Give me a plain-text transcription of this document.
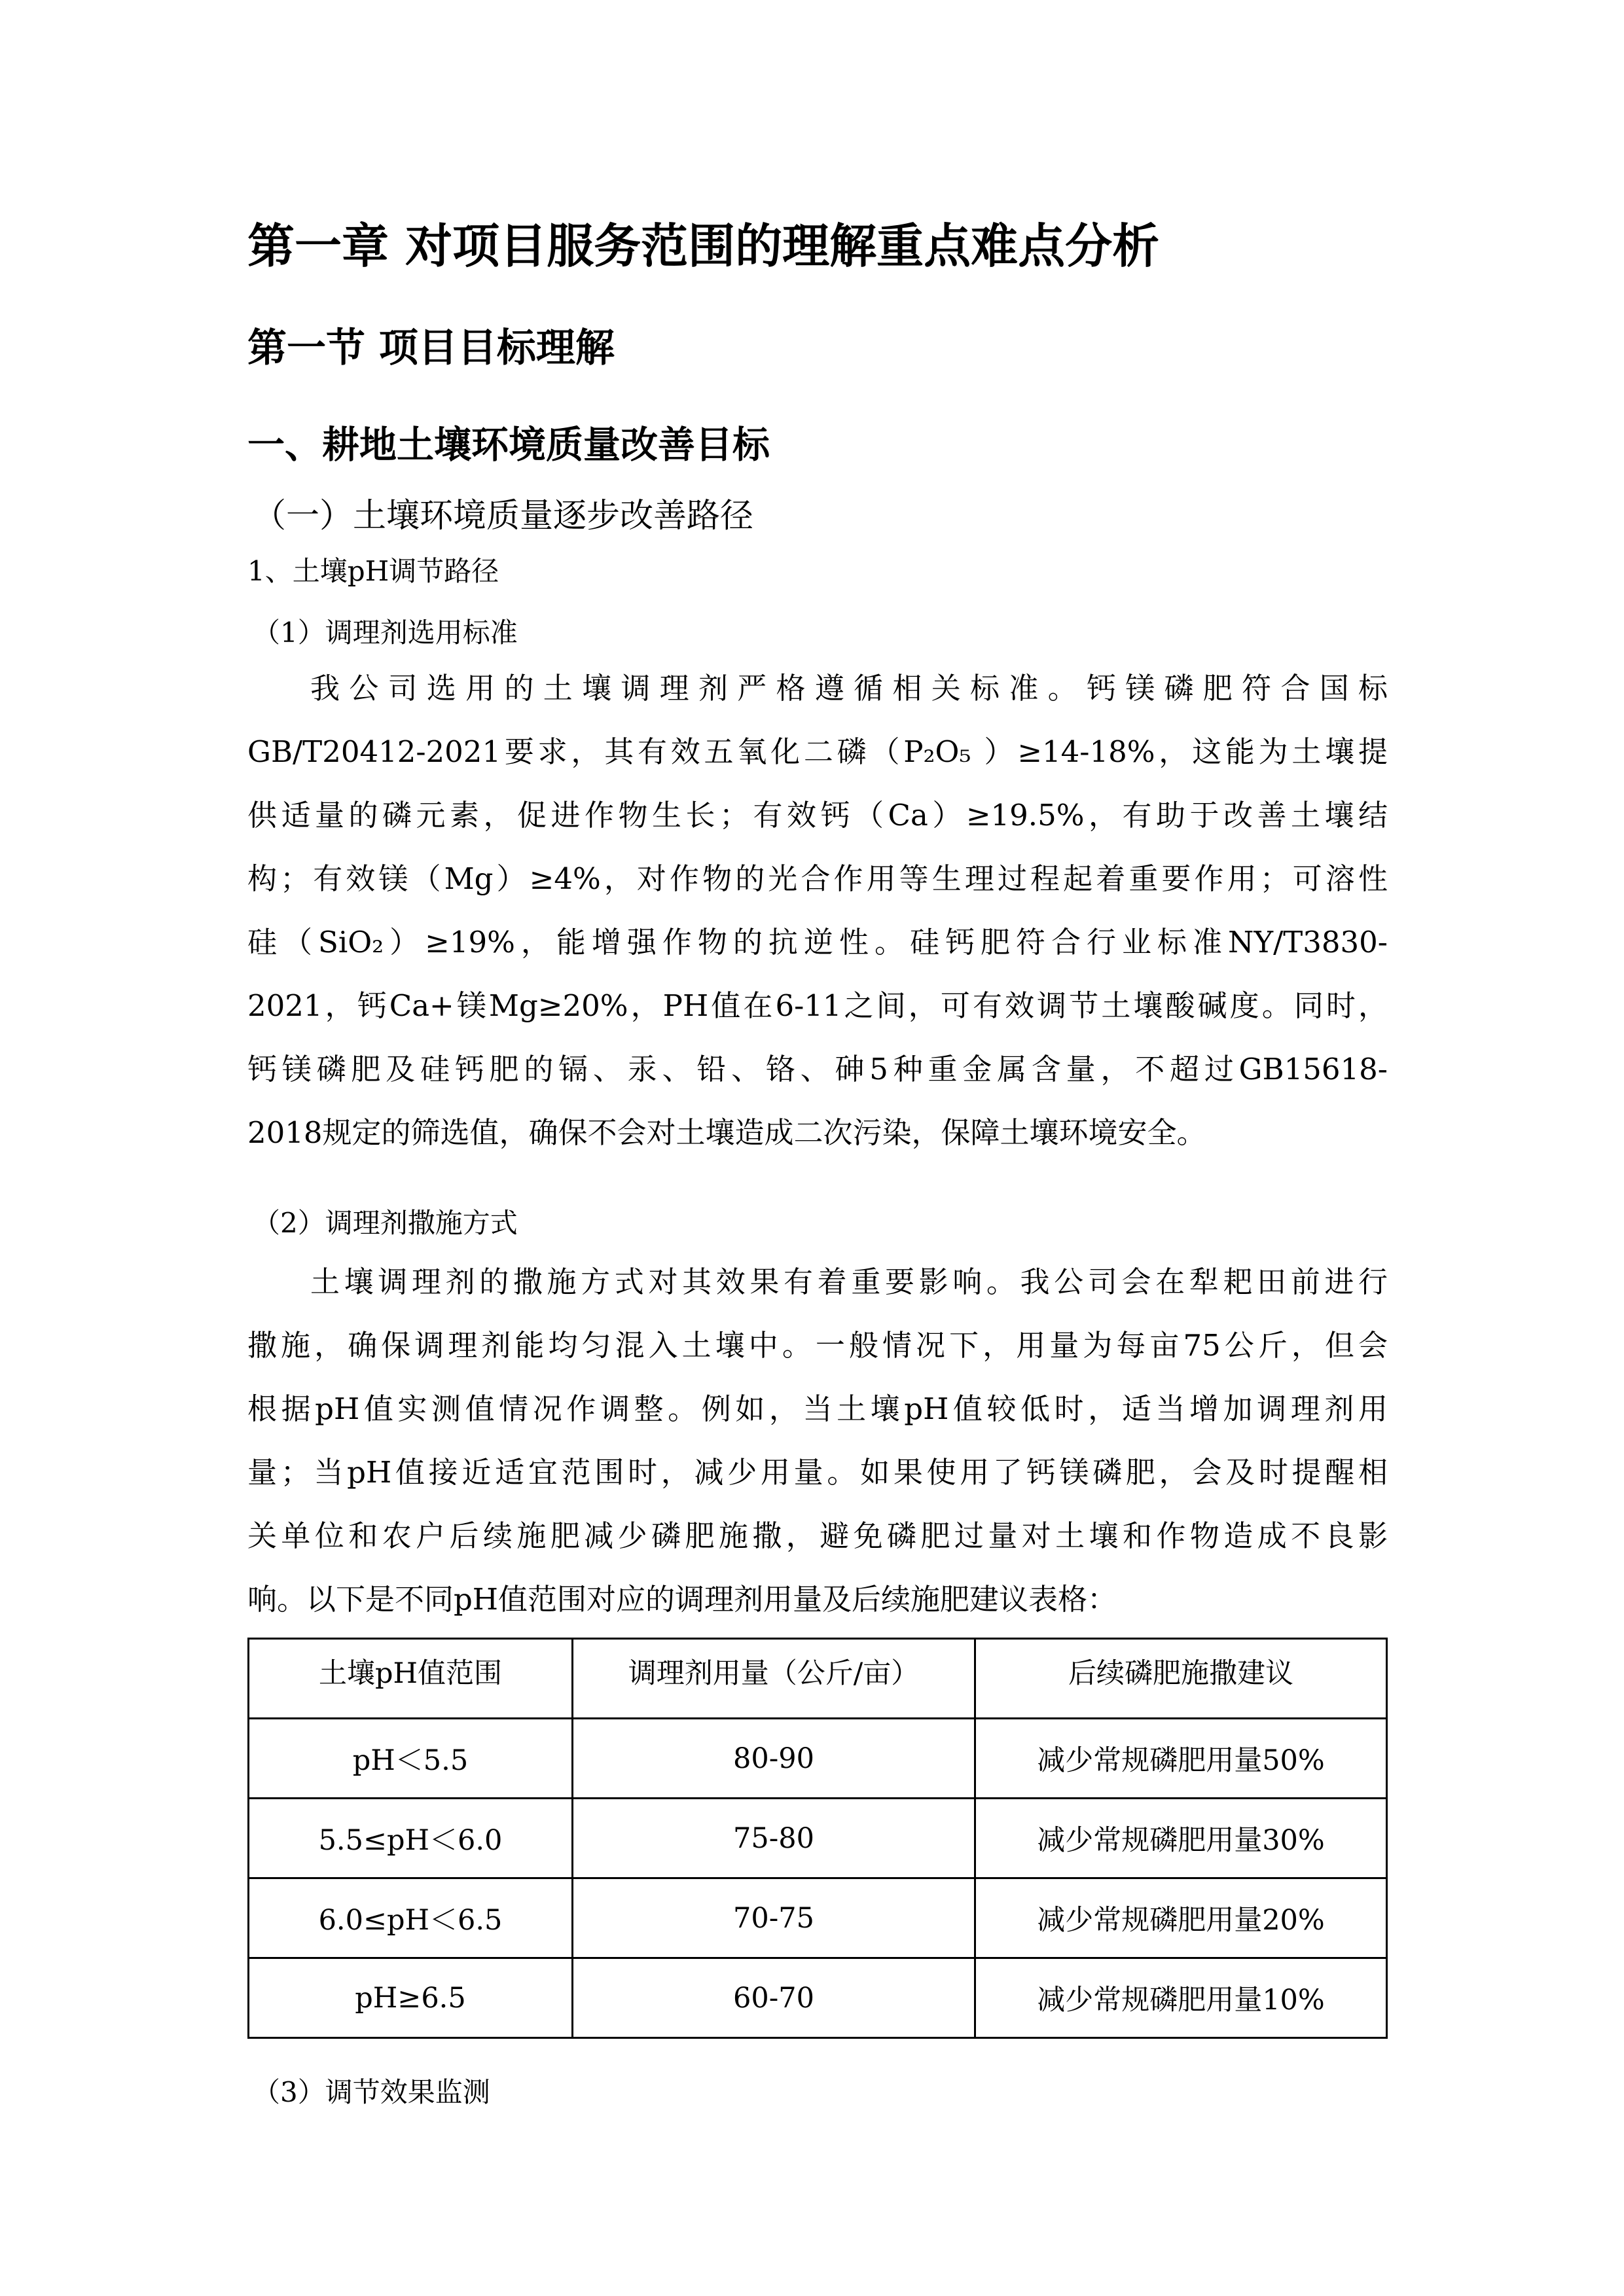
第一章 对项目服务范围的理解重点难点分析
第一节 项目目标理解
一、耕地土壤环境质量改善目标
（一）土壤环境质量逐步改善路径
1、土壤pH调节路径
（1）调理剂选用标准
我公司选用的土壤调理剂严格遵循相关标准。钙镁磷肥符合国标
GB/T20412-2021要求，其有效五氧化二磷（P₂O₅ ）≥14-18%，这能为土壤提
供适量的磷元素，促进作物生长；有效钙（Ca）≥19.5%，有助于改善土壤结
构；有效镁（Mg）≥4%，对作物的光合作用等生理过程起着重要作用；可溶性
硅（SiO₂）≥19%，能增强作物的抗逆性。硅钙肥符合行业标准NY/T3830-
2021，钙Ca+镁Mg≥20%，PH值在6-11之间，可有效调节土壤酸碱度。同时，
钙镁磷肥及硅钙肥的镉、汞、铅、铬、砷5种重金属含量，不超过GB15618-
2018规定的筛选值，确保不会对土壤造成二次污染，保障土壤环境安全。
（2）调理剂撒施方式
土壤调理剂的撒施方式对其效果有着重要影响。我公司会在犁耙田前进行
撒施，确保调理剂能均匀混入土壤中。一般情况下，用量为每亩75公斤，但会
根据pH值实测值情况作调整。例如，当土壤pH值较低时，适当增加调理剂用
量；当pH值接近适宜范围时，减少用量。如果使用了钙镁磷肥，会及时提醒相
关单位和农户后续施肥减少磷肥施撒，避免磷肥过量对土壤和作物造成不良影
响。以下是不同pH值范围对应的调理剂用量及后续施肥建议表格：
土壤pH值范围	调理剂用量（公斤/亩）	后续磷肥施撒建议
pH＜5.5	80-90	减少常规磷肥用量50%
5.5≤pH＜6.0	75-80	减少常规磷肥用量30%
6.0≤pH＜6.5	70-75	减少常规磷肥用量20%
pH≥6.5	60-70	减少常规磷肥用量10%
（3）调节效果监测
